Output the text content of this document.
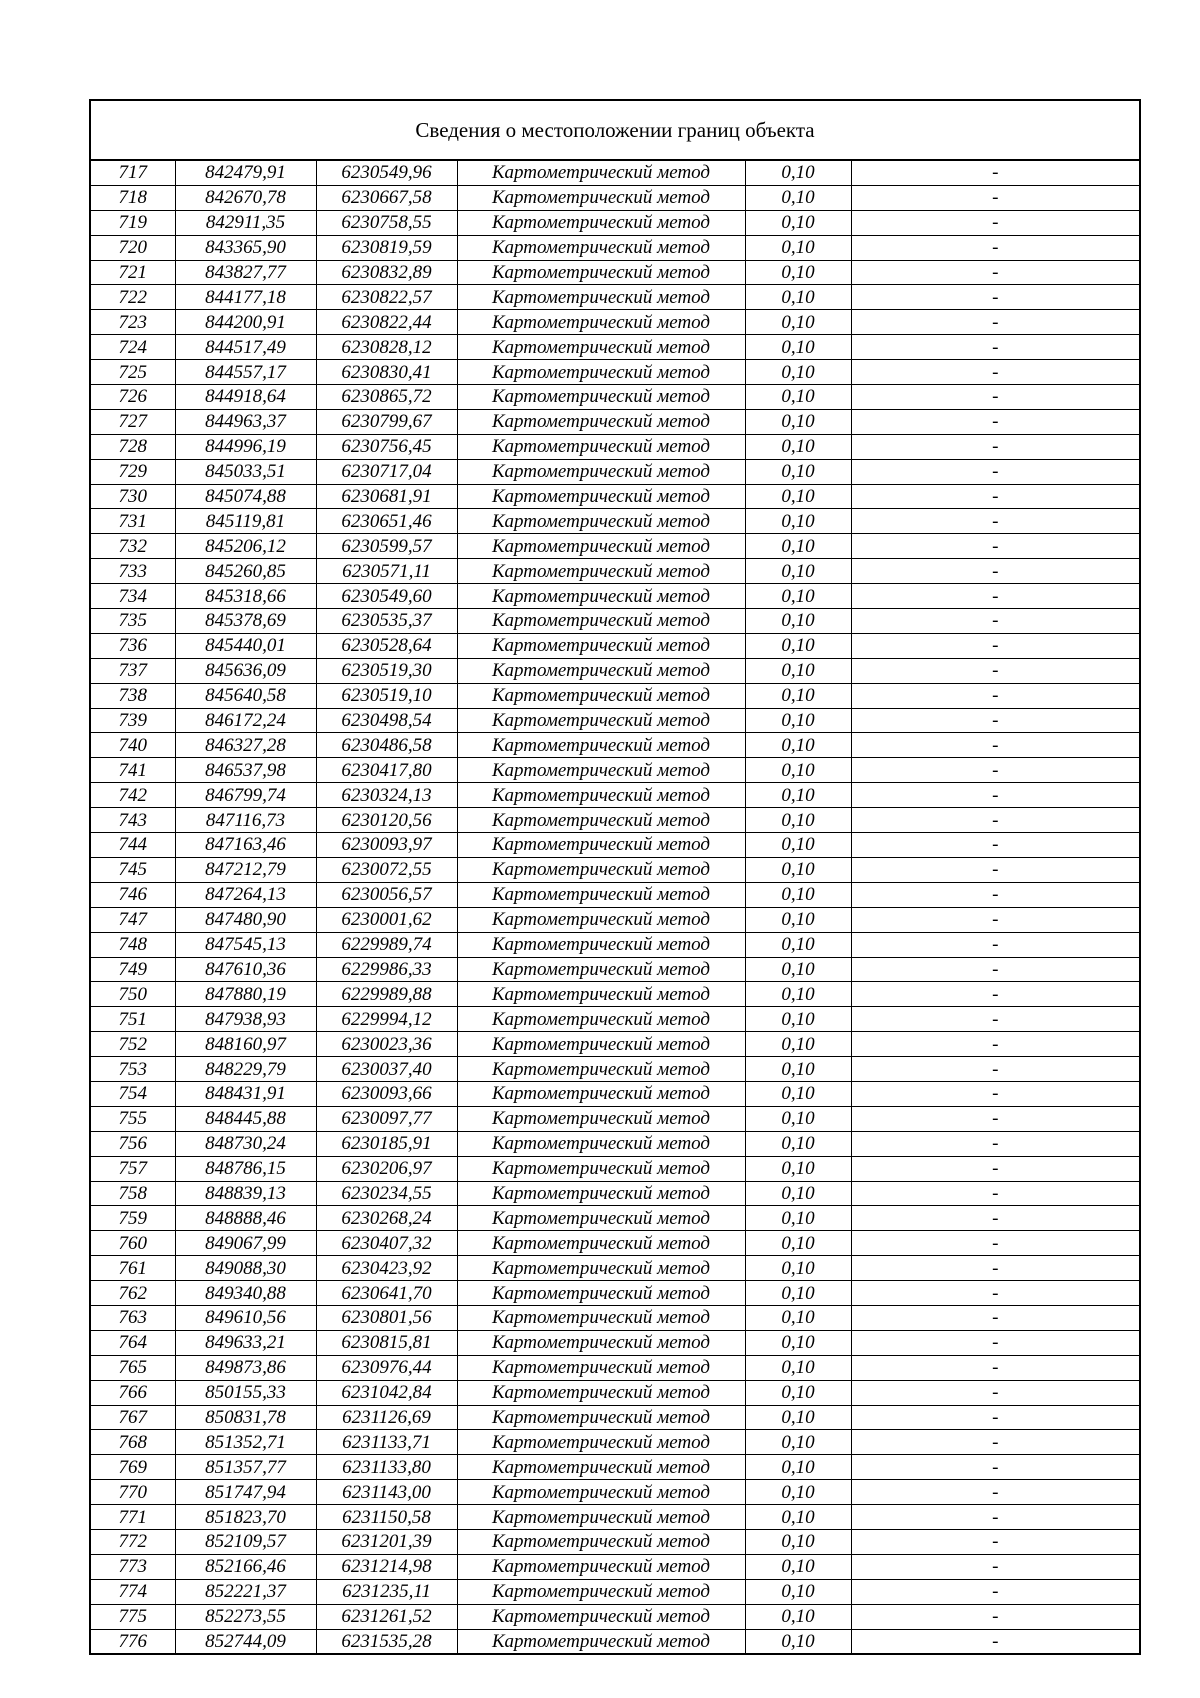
Сведения о местоположении границ объекта
717	842479,91	6230549,96	Картометрический метод	0,10	-
718	842670,78	6230667,58	Картометрический метод	0,10	-
719	842911,35	6230758,55	Картометрический метод	0,10	-
720	843365,90	6230819,59	Картометрический метод	0,10	-
721	843827,77	6230832,89	Картометрический метод	0,10	-
722	844177,18	6230822,57	Картометрический метод	0,10	-
723	844200,91	6230822,44	Картометрический метод	0,10	-
724	844517,49	6230828,12	Картометрический метод	0,10	-
725	844557,17	6230830,41	Картометрический метод	0,10	-
726	844918,64	6230865,72	Картометрический метод	0,10	-
727	844963,37	6230799,67	Картометрический метод	0,10	-
728	844996,19	6230756,45	Картометрический метод	0,10	-
729	845033,51	6230717,04	Картометрический метод	0,10	-
730	845074,88	6230681,91	Картометрический метод	0,10	-
731	845119,81	6230651,46	Картометрический метод	0,10	-
732	845206,12	6230599,57	Картометрический метод	0,10	-
733	845260,85	6230571,11	Картометрический метод	0,10	-
734	845318,66	6230549,60	Картометрический метод	0,10	-
735	845378,69	6230535,37	Картометрический метод	0,10	-
736	845440,01	6230528,64	Картометрический метод	0,10	-
737	845636,09	6230519,30	Картометрический метод	0,10	-
738	845640,58	6230519,10	Картометрический метод	0,10	-
739	846172,24	6230498,54	Картометрический метод	0,10	-
740	846327,28	6230486,58	Картометрический метод	0,10	-
741	846537,98	6230417,80	Картометрический метод	0,10	-
742	846799,74	6230324,13	Картометрический метод	0,10	-
743	847116,73	6230120,56	Картометрический метод	0,10	-
744	847163,46	6230093,97	Картометрический метод	0,10	-
745	847212,79	6230072,55	Картометрический метод	0,10	-
746	847264,13	6230056,57	Картометрический метод	0,10	-
747	847480,90	6230001,62	Картометрический метод	0,10	-
748	847545,13	6229989,74	Картометрический метод	0,10	-
749	847610,36	6229986,33	Картометрический метод	0,10	-
750	847880,19	6229989,88	Картометрический метод	0,10	-
751	847938,93	6229994,12	Картометрический метод	0,10	-
752	848160,97	6230023,36	Картометрический метод	0,10	-
753	848229,79	6230037,40	Картометрический метод	0,10	-
754	848431,91	6230093,66	Картометрический метод	0,10	-
755	848445,88	6230097,77	Картометрический метод	0,10	-
756	848730,24	6230185,91	Картометрический метод	0,10	-
757	848786,15	6230206,97	Картометрический метод	0,10	-
758	848839,13	6230234,55	Картометрический метод	0,10	-
759	848888,46	6230268,24	Картометрический метод	0,10	-
760	849067,99	6230407,32	Картометрический метод	0,10	-
761	849088,30	6230423,92	Картометрический метод	0,10	-
762	849340,88	6230641,70	Картометрический метод	0,10	-
763	849610,56	6230801,56	Картометрический метод	0,10	-
764	849633,21	6230815,81	Картометрический метод	0,10	-
765	849873,86	6230976,44	Картометрический метод	0,10	-
766	850155,33	6231042,84	Картометрический метод	0,10	-
767	850831,78	6231126,69	Картометрический метод	0,10	-
768	851352,71	6231133,71	Картометрический метод	0,10	-
769	851357,77	6231133,80	Картометрический метод	0,10	-
770	851747,94	6231143,00	Картометрический метод	0,10	-
771	851823,70	6231150,58	Картометрический метод	0,10	-
772	852109,57	6231201,39	Картометрический метод	0,10	-
773	852166,46	6231214,98	Картометрический метод	0,10	-
774	852221,37	6231235,11	Картометрический метод	0,10	-
775	852273,55	6231261,52	Картометрический метод	0,10	-
776	852744,09	6231535,28	Картометрический метод	0,10	-
